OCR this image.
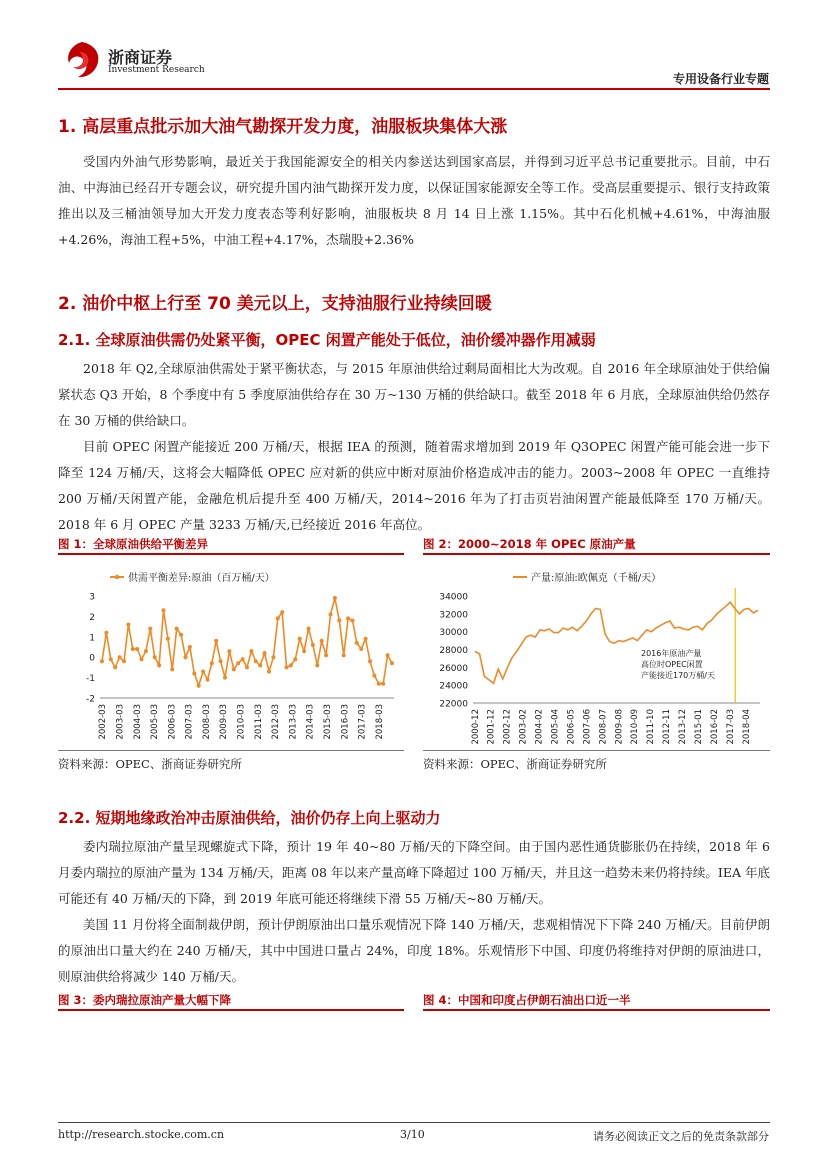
浙商证券
Investment Research
专用设备行业专题
1. 高层重点批示加大油气勘探开发力度，油服板块集体大涨

受国内外油气形势影响，最近关于我国能源安全的相关内参送达到国家高层，并得到习近平总书记重要批示。目前，中石油、中海油已经召开专题会议，研究提升国内油气勘探开发力度，以保证国家能源安全等工作。受高层重要提示、银行支持政策推出以及三桶油领导加大开发力度表态等利好影响，油服板块 8 月 14 日上涨 1.15%。其中石化机械+4.61%，中海油服+4.26%，海油工程+5%，中油工程+4.17%，杰瑞股+2.36%

2. 油价中枢上行至 70 美元以上，支持油服行业持续回暖
2.1. 全球原油供需仍处紧平衡，OPEC 闲置产能处于低位，油价缓冲器作用减弱

2018 年 Q2,全球原油供需处于紧平衡状态，与 2015 年原油供给过剩局面相比大为改观。自 2016 年全球原油处于供给偏紧状态 Q3 开始，8 个季度中有 5 季度原油供给存在 30 万~130 万桶的供给缺口。截至 2018 年 6 月底，全球原油供给仍然存在 30 万桶的供给缺口。

目前 OPEC 闲置产能接近 200 万桶/天，根据 IEA 的预测，随着需求增加到 2019 年 Q3OPEC 闲置产能可能会进一步下降至 124 万桶/天，这将会大幅降低 OPEC 应对新的供应中断对原油价格造成冲击的能力。2003~2008 年 OPEC 一直维持 200 万桶/天闲置产能，金融危机后提升至 400 万桶/天，2014~2016 年为了打击页岩油闲置产能最低降至 170 万桶/天。2018 年 6 月 OPEC 产量 3233 万桶/天,已经接近 2016 年高位。

图 1：全球原油供给平衡差异	图 2：2000~2018 年 OPEC 原油产量
供需平衡差异:原油（百万桶/天）
3
2
1
0
-1
-2
2002-03 2003-03 2004-03 2005-03 2006-03 2007-03 2008-03 2009-03 2010-03 2011-03 2012-03 2013-03 2014-03 2015-03 2016-03 2017-03 2018-03
产量:原油:欧佩克（千桶/天）
34000
32000
30000
28000
26000
24000
22000
2000-12 2001-12 2002-12 2003-02 2004-02 2005-04 2006-05 2007-06 2008-07 2009-08 2010-09 2011-10 2012-11 2013-12 2015-01 2016-02 2017-03 2018-04
2016年原油产量高位时OPEC闲置产能接近170万桶/天
资料来源：OPEC、浙商证券研究所	资料来源：OPEC、浙商证券研究所
2.2. 短期地缘政治冲击原油供给，油价仍存上向上驱动力

委内瑞拉原油产量呈现螺旋式下降，预计 19 年 40~80 万桶/天的下降空间。由于国内恶性通货膨胀仍在持续，2018 年 6 月委内瑞拉的原油产量为 134 万桶/天，距离 08 年以来产量高峰下降超过 100 万桶/天，并且这一趋势未来仍将持续。IEA 年底可能还有 40 万桶/天的下降，到 2019 年底可能还将继续下滑 55 万桶/天~80 万桶/天。

美国 11 月份将全面制裁伊朗，预计伊朗原油出口量乐观情况下降 140 万桶/天，悲观相情况下下降 240 万桶/天。目前伊朗的原油出口量大约在 240 万桶/天，其中中国进口量占 24%，印度 18%。乐观情形下中国、印度仍将维持对伊朗的原油进口，则原油供给将减少 140 万桶/天。

图 3：委内瑞拉原油产量大幅下降	图 4：中国和印度占伊朗石油出口近一半
http://research.stocke.com.cn	3/10	请务必阅读正文之后的免责条款部分
